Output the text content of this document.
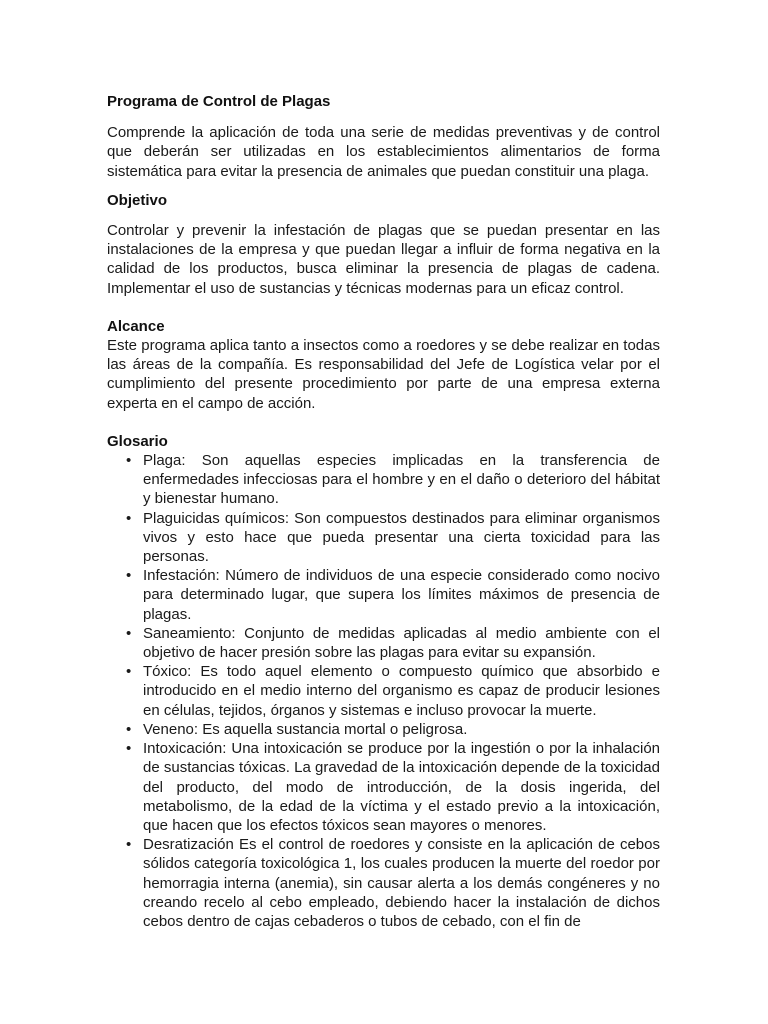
Programa de Control de Plagas

Comprende la aplicación de toda una serie de medidas preventivas y de control que deberán ser utilizadas en los establecimientos alimentarios de forma sistemática para evitar la presencia de animales que puedan constituir una plaga.

Objetivo

Controlar y prevenir la infestación de plagas que se puedan presentar en las instalaciones de la empresa y que puedan llegar a influir de forma negativa en la calidad de los productos, busca eliminar la presencia de plagas de cadena. Implementar el uso de sustancias y técnicas modernas para un eficaz control.

Alcance

Este programa aplica tanto a insectos como a roedores y se debe realizar en todas las áreas de la compañía. Es responsabilidad del Jefe de Logística velar por el cumplimiento del presente procedimiento por parte de una empresa externa experta en el campo de acción.

Glosario
• Plaga: Son aquellas especies implicadas en la transferencia de enfermedades infecciosas para el hombre y en el daño o deterioro del hábitat y bienestar humano.
• Plaguicidas químicos: Son compuestos destinados para eliminar organismos vivos y esto hace que pueda presentar una cierta toxicidad para las personas.
• Infestación: Número de individuos de una especie considerado como nocivo para determinado lugar, que supera los límites máximos de presencia de plagas.
• Saneamiento: Conjunto de medidas aplicadas al medio ambiente con el objetivo de hacer presión sobre las plagas para evitar su expansión.
• Tóxico: Es todo aquel elemento o compuesto químico que absorbido e introducido en el medio interno del organismo es capaz de producir lesiones en células, tejidos, órganos y sistemas e incluso provocar la muerte.
• Veneno: Es aquella sustancia mortal o peligrosa.
• Intoxicación: Una intoxicación se produce por la ingestión o por la inhalación de sustancias tóxicas. La gravedad de la intoxicación depende de la toxicidad del producto, del modo de introducción, de la dosis ingerida, del metabolismo, de la edad de la víctima y el estado previo a la intoxicación, que hacen que los efectos tóxicos sean mayores o menores.
• Desratización Es el control de roedores y consiste en la aplicación de cebos sólidos categoría toxicológica 1, los cuales producen la muerte del roedor por hemorragia interna (anemia), sin causar alerta a los demás congéneres y no creando recelo al cebo empleado, debiendo hacer la instalación de dichos cebos dentro de cajas cebaderos o tubos de cebado, con el fin de
